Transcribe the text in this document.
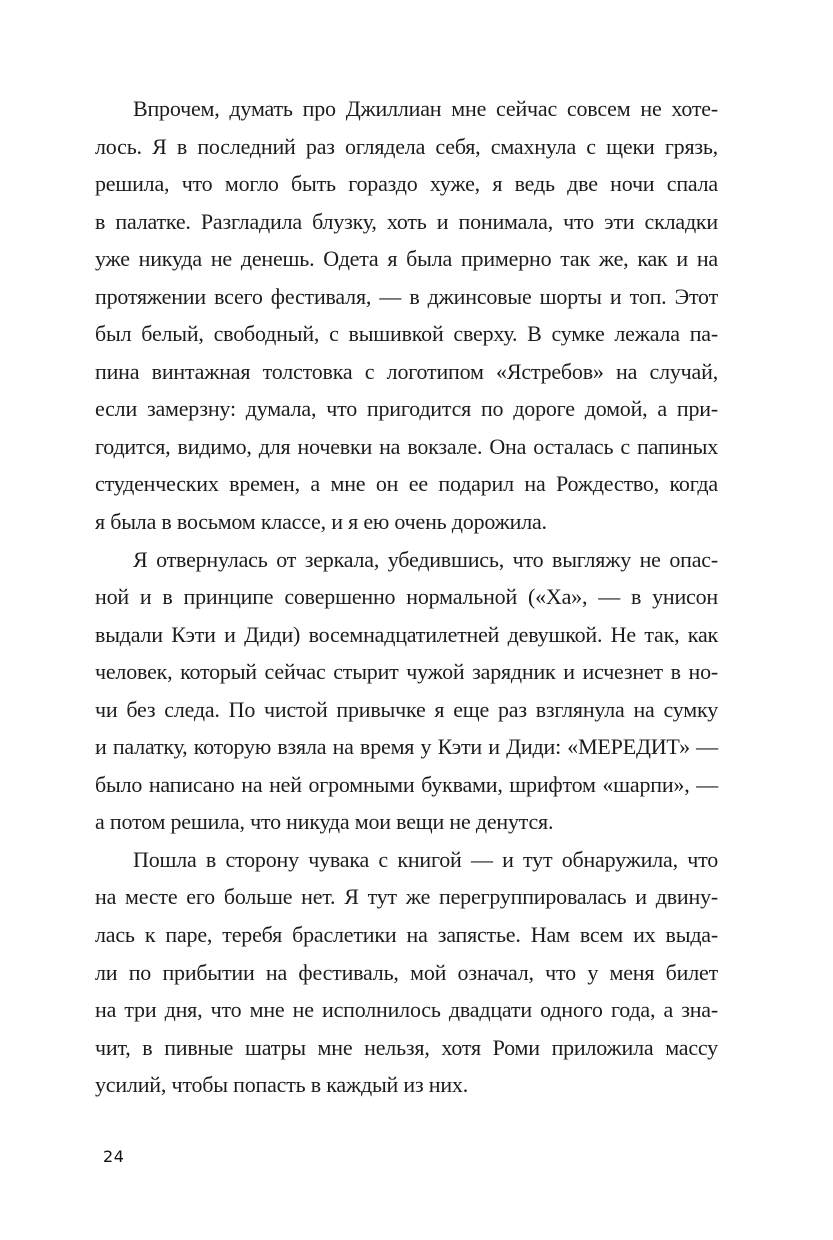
Впрочем, думать про Джиллиан мне сейчас совсем не хоте-
лось. Я в последний раз оглядела себя, смахнула с щеки грязь,
решила, что могло быть гораздо хуже, я ведь две ночи спала
в палатке. Разгладила блузку, хоть и понимала, что эти складки
уже никуда не денешь. Одета я была примерно так же, как и на
протяжении всего фестиваля, — в джинсовые шорты и топ. Этот
был белый, свободный, с вышивкой сверху. В сумке лежала па-
пина винтажная толстовка с логотипом «Ястребов» на случай,
если замерзну: думала, что пригодится по дороге домой, а при-
годится, видимо, для ночевки на вокзале. Она осталась с папиных
студенческих времен, а мне он ее подарил на Рождество, когда
я была в восьмом классе, и я ею очень дорожила.
Я отвернулась от зеркала, убедившись, что выгляжу не опас-
ной и в принципе совершенно нормальной («Ха», — в унисон
выдали Кэти и Диди) восемнадцатилетней девушкой. Не так, как
человек, который сейчас стырит чужой зарядник и исчезнет в но-
чи без следа. По чистой привычке я еще раз взглянула на сумку
и палатку, которую взяла на время у Кэти и Диди: «МЕРЕДИТ» —
было написано на ней огромными буквами, шрифтом «шарпи», —
а потом решила, что никуда мои вещи не денутся.
Пошла в сторону чувака с книгой — и тут обнаружила, что
на месте его больше нет. Я тут же перегруппировалась и двину-
лась к паре, теребя браслетики на запястье. Нам всем их выда-
ли по прибытии на фестиваль, мой означал, что у меня билет
на три дня, что мне не исполнилось двадцати одного года, а зна-
чит, в пивные шатры мне нельзя, хотя Роми приложила массу
усилий, чтобы попасть в каждый из них.
24
